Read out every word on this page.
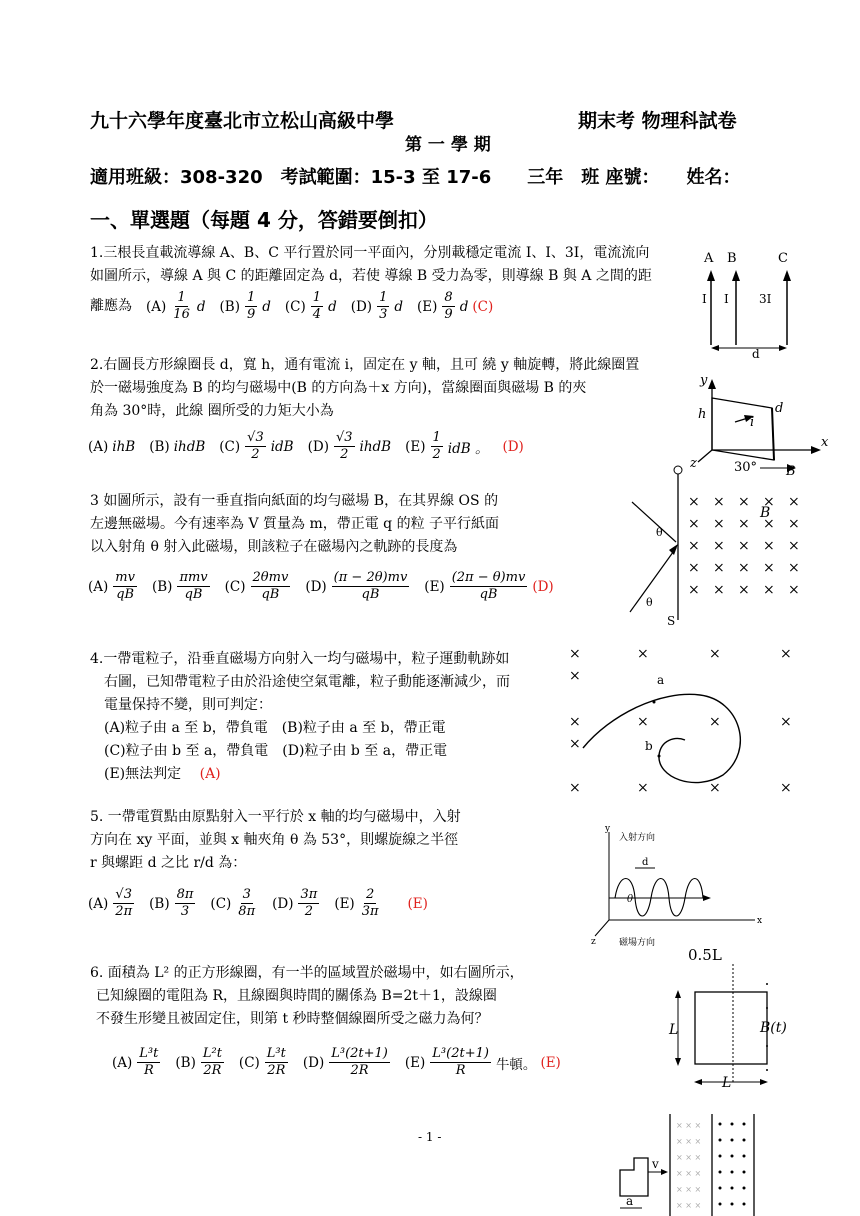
九十六學年度臺北市立松山高級中學	期末考 物理科試卷
第 一 學 期
適用班級：308-320　考試範圍：15-3 至 17-6　　三年　班 座號：　　姓名：
一、單選題（每題 4 分，答錯要倒扣）
1.三根長直載流導線 A、B、C 平行置於同一平面內，分別載穩定電流 I、I、3I，電流流向
如圖所示，導線 A 與 C 的距離固定為 d，若使 導線 B 受力為零，則導線 B 與 A 之間的距
離應為 $(A) \frac{1}{16}$ d $(B) \frac{1}{9}$ d $(C) \frac{1}{4}$ d $(D) \frac{1}{3}$ d $(E) \frac{8}{9}$ d (C)
A B	C
I I	3I
d
2.右圖長方形線圈長 d，寬 h，通有電流 i，固定在 y 軸，且可 繞 y 軸旋轉，將此線圈置
於一磁場強度為 B 的均勻磁場中(B 的方向為＋x 方向)，當線圈面與磁場 B 的夾
角為 30°時，此線 圈所受的力矩大小為
(A) ihB (B) ihdB $(C) \frac{√3}{2}$ idB $(D) \frac{√3}{2}$ ihdB $(E) \frac{1}{2}$ idB 。 (D)
y
x
z
h	d
i
30° B
3 如圖所示，設有一垂直指向紙面的均勻磁場 B，在其界線 OS 的
左邊無磁場。今有速率為 V 質量為 m，帶正電 q 的粒 子平行紙面
以入射角 θ 射入此磁場，則該粒子在磁場內之軌跡的長度為
$(A) \frac{mv}{qB} (B) \frac{\text{πmv}}{qB} (C) \frac{\text{2θmv}}{qB} (D) \frac{(\pi - 2\theta)mv}{qB} (E) \frac{(2\pi - \theta)mv}{qB} (D)$
θ
θ
S
B
× × × × ×
× × × × ×
× × × × ×
× × × × ×
× × × × ×
4.一帶電粒子，沿垂直磁場方向射入一均勻磁場中，粒子運動軌跡如
右圖，已知帶電粒子由於沿途使空氣電離，粒子動能逐漸減少，而
電量保持不變，則可判定：
(A)粒子由 a 至 b，帶負電　(B)粒子由 a 至 b，帶正電
(C)粒子由 b 至 a，帶負電　(D)粒子由 b 至 a，帶正電
(E)無法判定 (A)
×	×	×	×
×
×	×	×	×
×
×	×	×	×
a
b
5. 一帶電質點由原點射入一平行於 x 軸的均勻磁場中，入射
方向在 xy 平面，並與 x 軸夾角 θ 為 53°，則螺旋線之半徑
r 與螺距 d 之比 r/d 為：
$(A) \frac{√3}{2\pi} (B) \frac{8\pi}{3} (C) \frac{3}{8\pi} (D) \frac{3\pi}{2} (E) \frac{2}{3\pi} (E)$
y
x
z
入射方向
θ
d
磁場方向
6. 面積為 L² 的正方形線圈，有一半的區域置於磁場中，如右圖所示，
已知線圈的電阻為 R，且線圈與時間的關係為 B=2t＋1，設線圈
不發生形變且被固定住，則第 t 秒時整個線圈所受之磁力為何？
$(A) \frac{\text{L³t}}{R} (B) \frac{\text{L²t}}{2R} (C) \frac{\text{L³t}}{2R} (D) \frac{\text{L³(2t+1)}}{2R} (E) \frac{\text{L³(2t+1)}}{R}$ 牛頓。 (E)
0.5L
L
L
B(t)
- 1 -
v
a
× × ×
× × ×
× × ×
× × ×
× × ×
× × ×
